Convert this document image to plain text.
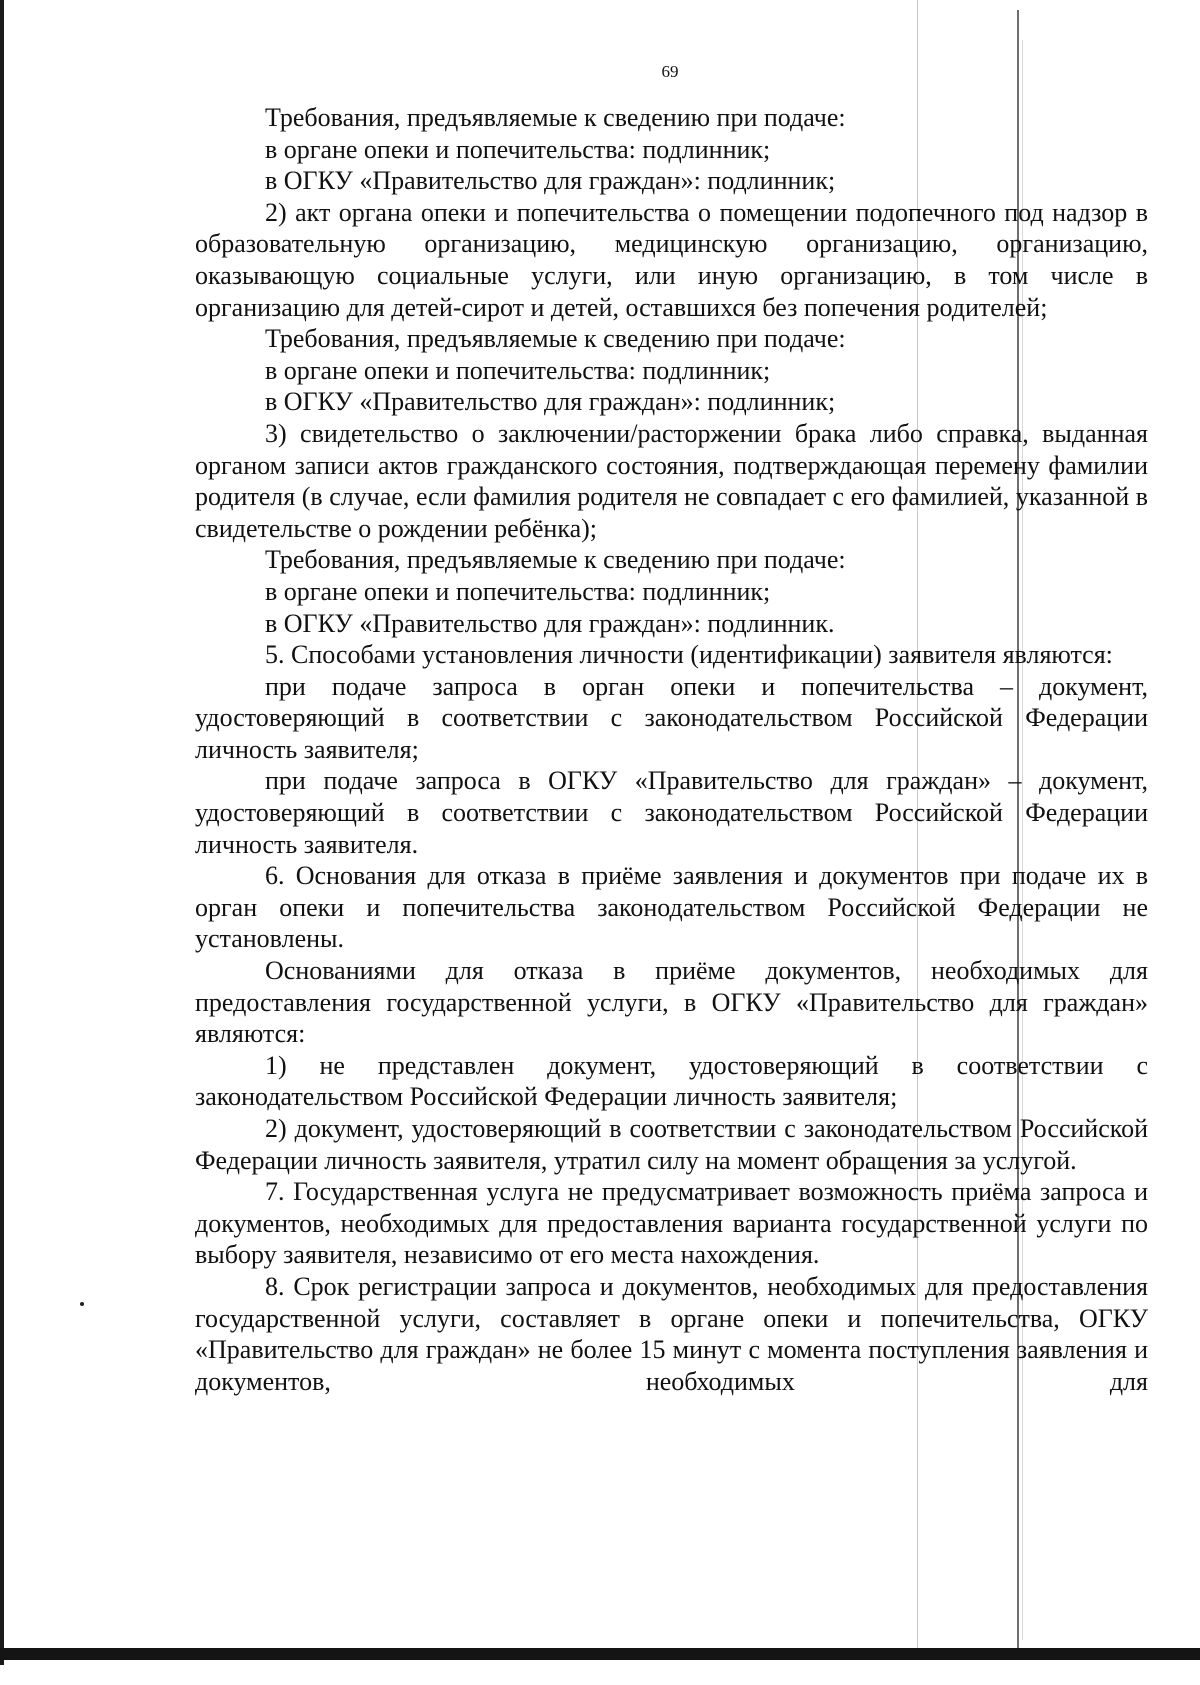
69

Требования, предъявляемые к сведению при подаче:

в органе опеки и попечительства: подлинник;

в ОГКУ «Правительство для граждан»: подлинник;

2) акт органа опеки и попечительства о помещении подопечного под надзор в образовательную организацию, медицинскую организацию, организацию, оказывающую социальные услуги, или иную организацию, в том числе в организацию для детей-сирот и детей, оставшихся без попечения родителей;

Требования, предъявляемые к сведению при подаче:

в органе опеки и попечительства: подлинник;

в ОГКУ «Правительство для граждан»: подлинник;

3) свидетельство о заключении/расторжении брака либо справка, выданная органом записи актов гражданского состояния, подтверждающая перемену фамилии родителя (в случае, если фамилия родителя не совпадает с его фамилией, указанной в свидетельстве о рождении ребёнка);

Требования, предъявляемые к сведению при подаче:

в органе опеки и попечительства: подлинник;

в ОГКУ «Правительство для граждан»: подлинник.

5. Способами установления личности (идентификации) заявителя являются:

при подаче запроса в орган опеки и попечительства – документ, удостоверяющий в соответствии с законодательством Российской Федерации личность заявителя;

при подаче запроса в ОГКУ «Правительство для граждан» – документ, удостоверяющий в соответствии с законодательством Российской Федерации личность заявителя.

6. Основания для отказа в приёме заявления и документов при подаче их в орган опеки и попечительства законодательством Российской Федерации не установлены.

Основаниями для отказа в приёме документов, необходимых для предоставления государственной услуги, в ОГКУ «Правительство для граждан» являются:

1) не представлен документ, удостоверяющий в соответствии с законодательством Российской Федерации личность заявителя;

2) документ, удостоверяющий в соответствии с законодательством Российской Федерации личность заявителя, утратил силу на момент обращения за услугой.

7. Государственная услуга не предусматривает возможность приёма запроса и документов, необходимых для предоставления варианта государственной услуги по выбору заявителя, независимо от его места нахождения.

8. Срок регистрации запроса и документов, необходимых для предоставления государственной услуги, составляет в органе опеки и попечительства, ОГКУ «Правительство для граждан» не более 15 минут с момента поступления заявления и документов, необходимых для
